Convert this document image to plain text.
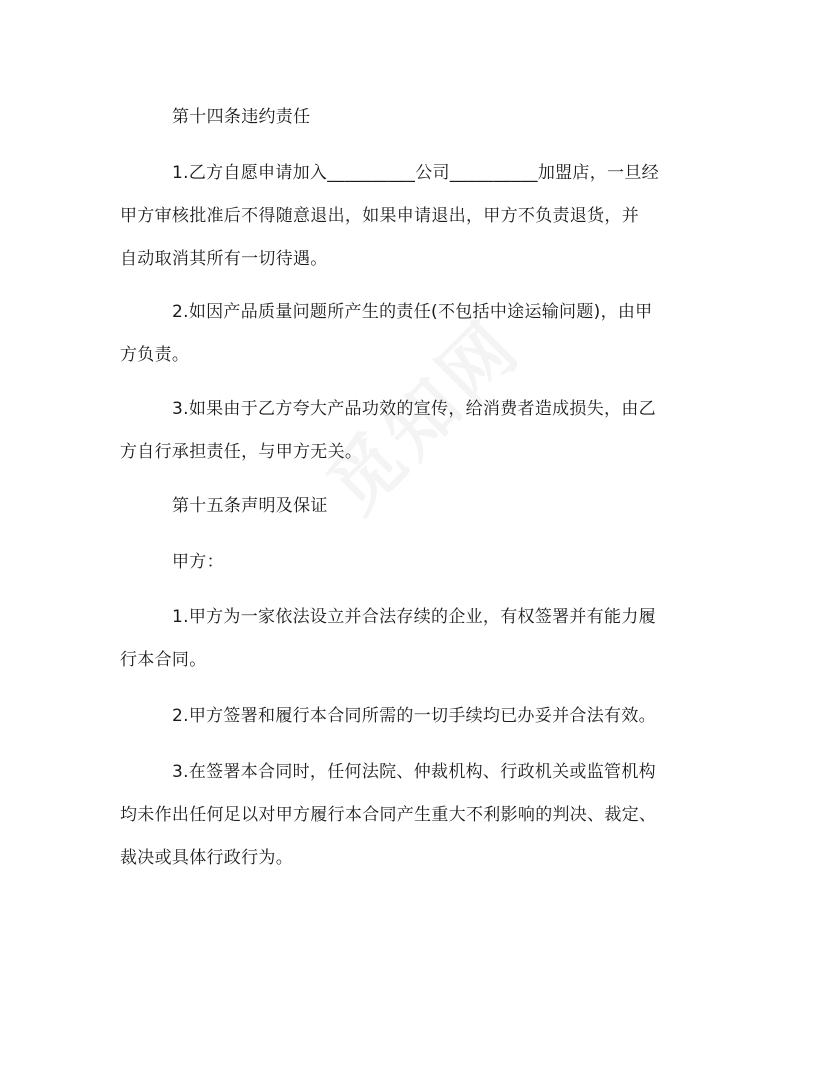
第十四条违约责任
1.乙方自愿申请加入__________公司__________加盟店，一旦经
甲方审核批准后不得随意退出，如果申请退出，甲方不负责退货，并
自动取消其所有一切待遇。
2.如因产品质量问题所产生的责任(不包括中途运输问题)，由甲
方负责。
3.如果由于乙方夸大产品功效的宣传，给消费者造成损失，由乙
方自行承担责任，与甲方无关。
第十五条声明及保证
甲方：
1.甲方为一家依法设立并合法存续的企业，有权签署并有能力履
行本合同。
2.甲方签署和履行本合同所需的一切手续均已办妥并合法有效。
3.在签署本合同时，任何法院、仲裁机构、行政机关或监管机构
均未作出任何足以对甲方履行本合同产生重大不利影响的判决、裁定、
裁决或具体行政行为。
